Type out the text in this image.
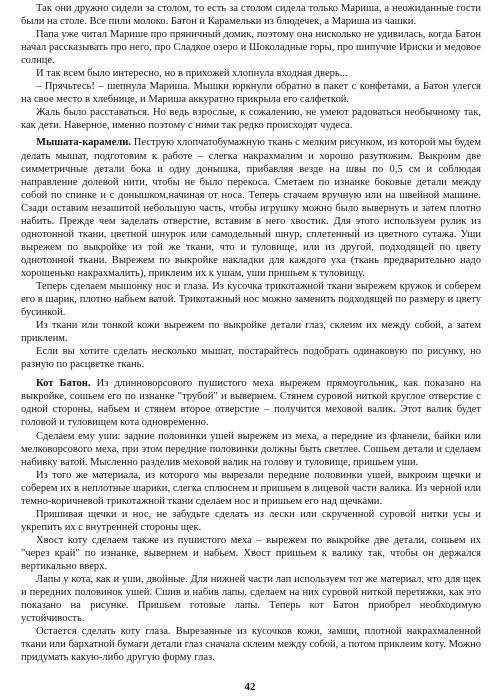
Так они дружно сидели за столом, то есть за столом сидела только Мариша, а неожиданные гости были на столе. Все пили молоко. Батон и Карамельки из блюдечек, а Мариша из чашки.

Папа уже читал Марише про пряничный домик, поэтому она нисколько не удивилась, когда Батон начал рассказывать про него, про Сладкое озеро и Шоколадные горы, про шипучие Ириски и медовое солнце.

И так всем было интересно, но в прихожей хлопнула входная дверь...

– Прячьтесь! – шепнула Мариша. Мышки юркнули обратно в пакет с конфетами, а Батон улегся на свое место в хлебнице, и Мариша аккуратно прикрыла его салфеткой.

Жаль было расставаться. Но ведь взрослые, к сожалению, не умеют радоваться необычному так, как дети. Наверное, именно поэтому с ними так редко происходят чудеса.

Мышата-карамели. Пеструю хлопчатобумажную ткань с мелким рисунком, из которой мы будем делать мышат, подготовим к работе – слегка накрахмалим и хорошо разутюжим. Выкроим две симметричные детали бока и одну донышка, прибавляя везде на швы по 0,5 см и соблюдая направление долевой нити, чтобы не было перекоса. Сметаем по изнанке боковые детали между собой по спинке и с донышком,начиная от носа. Теперь стачаем вручную или на швейной машине. Сзади оставим незашитой небольшую часть, чтобы игрушку можно было вывернуть и затем плотно набить. Прежде чем заделать отверстие, вставим в него хвостик. Для этого используем рулик из однотонной ткани, цветной шнурок или самодельный шнур, сплетенный из цветного сутажа. Уши вырежем по выкройке из той же ткани, что и туловище, или из другой, подходящей по цвету однотонной ткани. Вырежем по выкройке накладки для каждого уха (ткань предварительно надо хорошенько накрахмалить), приклеим их к ушам, уши пришьем к туловищу.

Теперь сделаем мышонку нос и глаза. Из кусочка трикотажной ткани вырежем кружок и соберем его в шарик, плотно набьем ватой. Трикотажный нос можно заменить подходящей по размеру и цвету бусинкой.

Из ткани или тонкой кожи вырежем по выкройке детали глаз, склеим их между собой, а затем приклеим.

Если вы хотите сделать несколько мышат, постарайтесь подобрать одинаковую по рисунку, но разную по расцветке ткань.

Кот Батон. Из длинноворсового пушистого меха вырежем прямоугольник, как показано на выкройке, сошьем его по изнанке "трубой" и вывернем. Стянем суровой ниткой круглое отверстие с одной стороны, набьем и стянем второе отверстие – получится меховой валик. Этот валик будет головой и туловищем кота одновременно.

Сделаем ему уши: задние половинки ушей вырежем из меха, а передние из фланели, байки или мелковорсового меха, при этом передние половинки должны быть светлее. Сошьем детали и сделаем набивку ватой. Мысленно разделив меховой валик на голову и туловище, пришьем уши.

Из того же материала, из которого мы вырезали передние половинки ушей, выкроим щечки и соберем их в неплотные шарики, слегка сплюснем и пришьем в лицевой части валика. Из черной или темно-коричневой трикотажной ткани сделаем нос и пришьем его над щечками.

Пришивая щечки и нос, не забудьте сделать из лески или скрученной суровой нитки усы и укрепить их с внутренней стороны щек.

Хвост коту сделаем также из пушистого меха – вырежем по выкройке две детали, сошьем их "через край" по изнанке, вывернем и набьем. Хвост пришьем к валику так, чтобы он держался вертикально вверх.

Лапы у кота, как и уши, двойные. Для нижней части лап используем тот же материал, что для щек и передних половинок ушей. Сшив и набив лапы, сделаем на них суровой ниткой перетяжки, как это показано на рисунке. Пришьем готовые лапы. Теперь кот Батон приобрел необходимую устойчивость.

Остается сделать коту глаза. Вырезанные из кусочков кожи, замши, плотной накрахмаленной ткани или бархатной бумаги детали глаз сначала склеим между собой, а потом приклеим коту. Можно придумать какую-либо другую форму глаз.

42
